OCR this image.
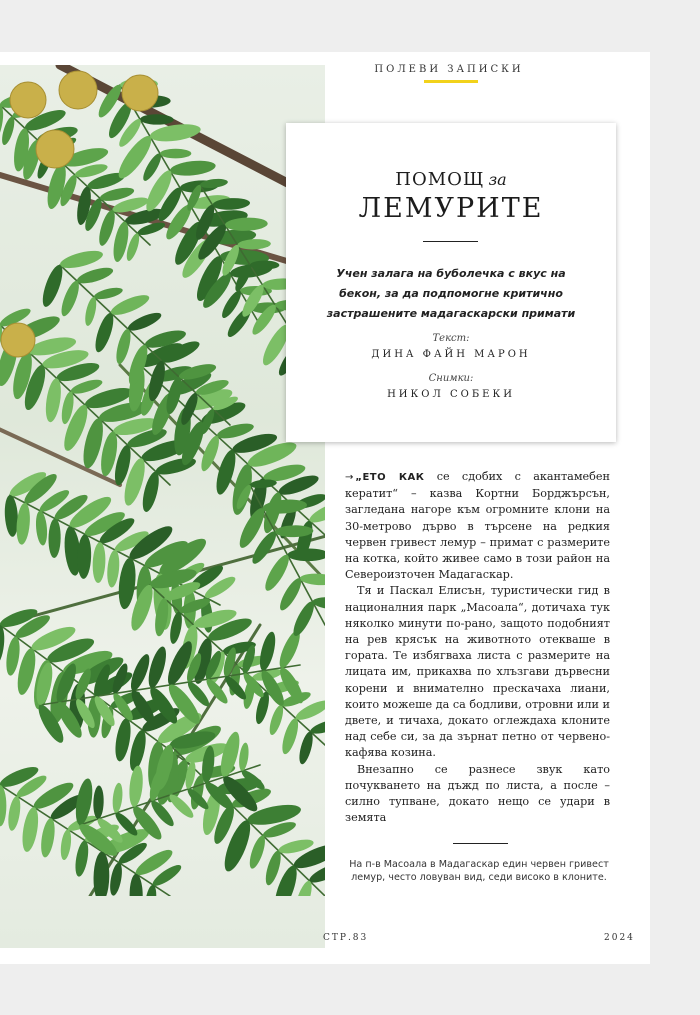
ПОЛЕВИ ЗАПИСКИ
ПОМОЩ за
ЛЕМУРИТЕ
Учен залага на буболечка с вкус на бекон, за да подпомогне критично застрашените мадагаскарски примати
Текст:
ДИНА ФАЙН МАРОН
Снимки:
НИКОЛ СОБЕКИ

→ „ЕТО КАК се сдобих с акантамебен кератит“ – казва Кортни Борджърсън, загледана нагоре към огромните клони на 30-метрово дърво в търсене на редкия червен гривест лемур – примат с размерите на котка, който живее само в този район на Североизточен Мадагаскар.

Тя и Паскал Елисън, туристически гид в националния парк „Масоала“, дотичаха тук няколко минути по-рано, защото подобният на рев крясък на животното отекваше в гората. Те избягваха листа с размерите на лицата им, прикахва по хлъзгави дървесни корени и внимателно прескачаха лиани, които можеше да са бодливи, отровни или и двете, и тичаха, докато оглеждаха клоните над себе си, за да зърнат петно от червено-кафява козина.

Внезапно се разнесе звук като почукването на дъжд по листа, а после – силно тупване, докато нещо се удари в земята

На п-в Масоала в Мадагаскар един червен гривест лемур, често ловуван вид, седи високо в клоните.
СТР.83	2024
